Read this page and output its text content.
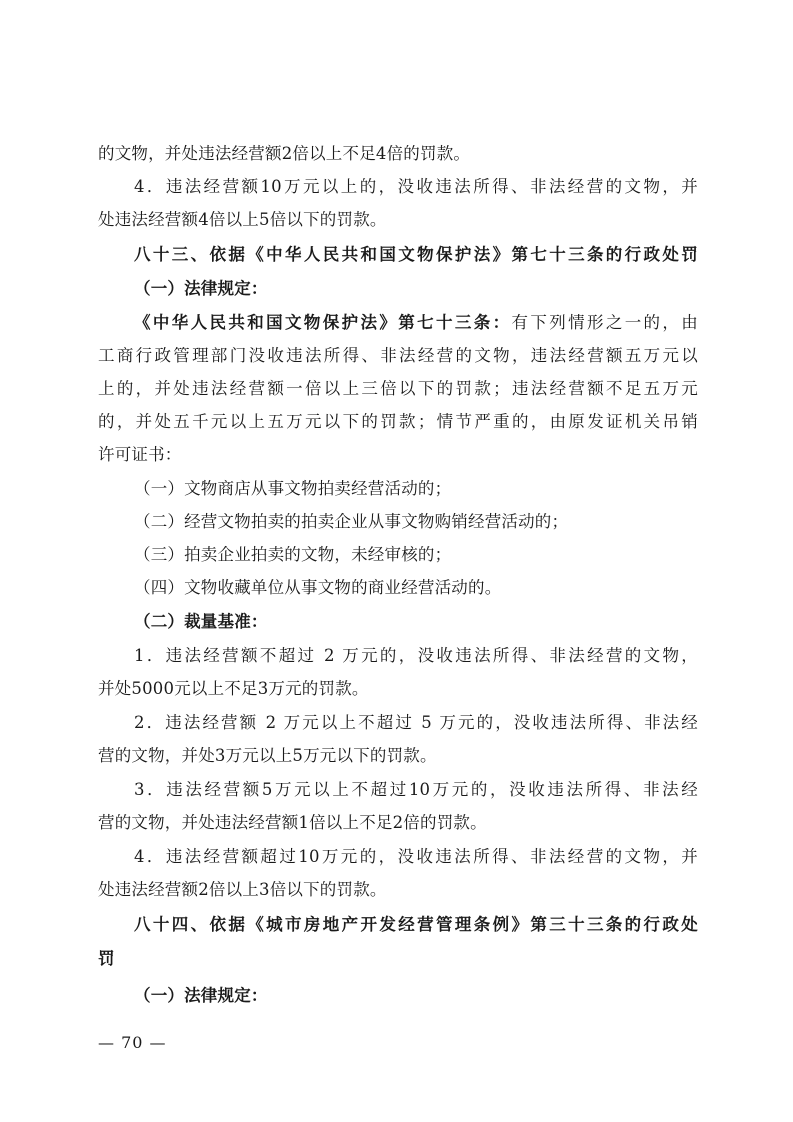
的文物，并处违法经营额2倍以上不足4倍的罚款。
4．违法经营额10万元以上的，没收违法所得、非法经营的文物，并
处违法经营额4倍以上5倍以下的罚款。
八十三、依据《中华人民共和国文物保护法》第七十三条的行政处罚
（一）法律规定：
《中华人民共和国文物保护法》第七十三条：有下列情形之一的，由
工商行政管理部门没收违法所得、非法经营的文物，违法经营额五万元以
上的，并处违法经营额一倍以上三倍以下的罚款；违法经营额不足五万元
的，并处五千元以上五万元以下的罚款；情节严重的，由原发证机关吊销
许可证书：
（一）文物商店从事文物拍卖经营活动的；
（二）经营文物拍卖的拍卖企业从事文物购销经营活动的；
（三）拍卖企业拍卖的文物，未经审核的；
（四）文物收藏单位从事文物的商业经营活动的。
（二）裁量基准：
1．违法经营额不超过 2 万元的，没收违法所得、非法经营的文物，
并处5000元以上不足3万元的罚款。
2．违法经营额 2 万元以上不超过 5 万元的，没收违法所得、非法经
营的文物，并处3万元以上5万元以下的罚款。
3．违法经营额5万元以上不超过10万元的，没收违法所得、非法经
营的文物，并处违法经营额1倍以上不足2倍的罚款。
4．违法经营额超过10万元的，没收违法所得、非法经营的文物，并
处违法经营额2倍以上3倍以下的罚款。
八十四、依据《城市房地产开发经营管理条例》第三十三条的行政处
罚
（一）法律规定：
— 70 —
